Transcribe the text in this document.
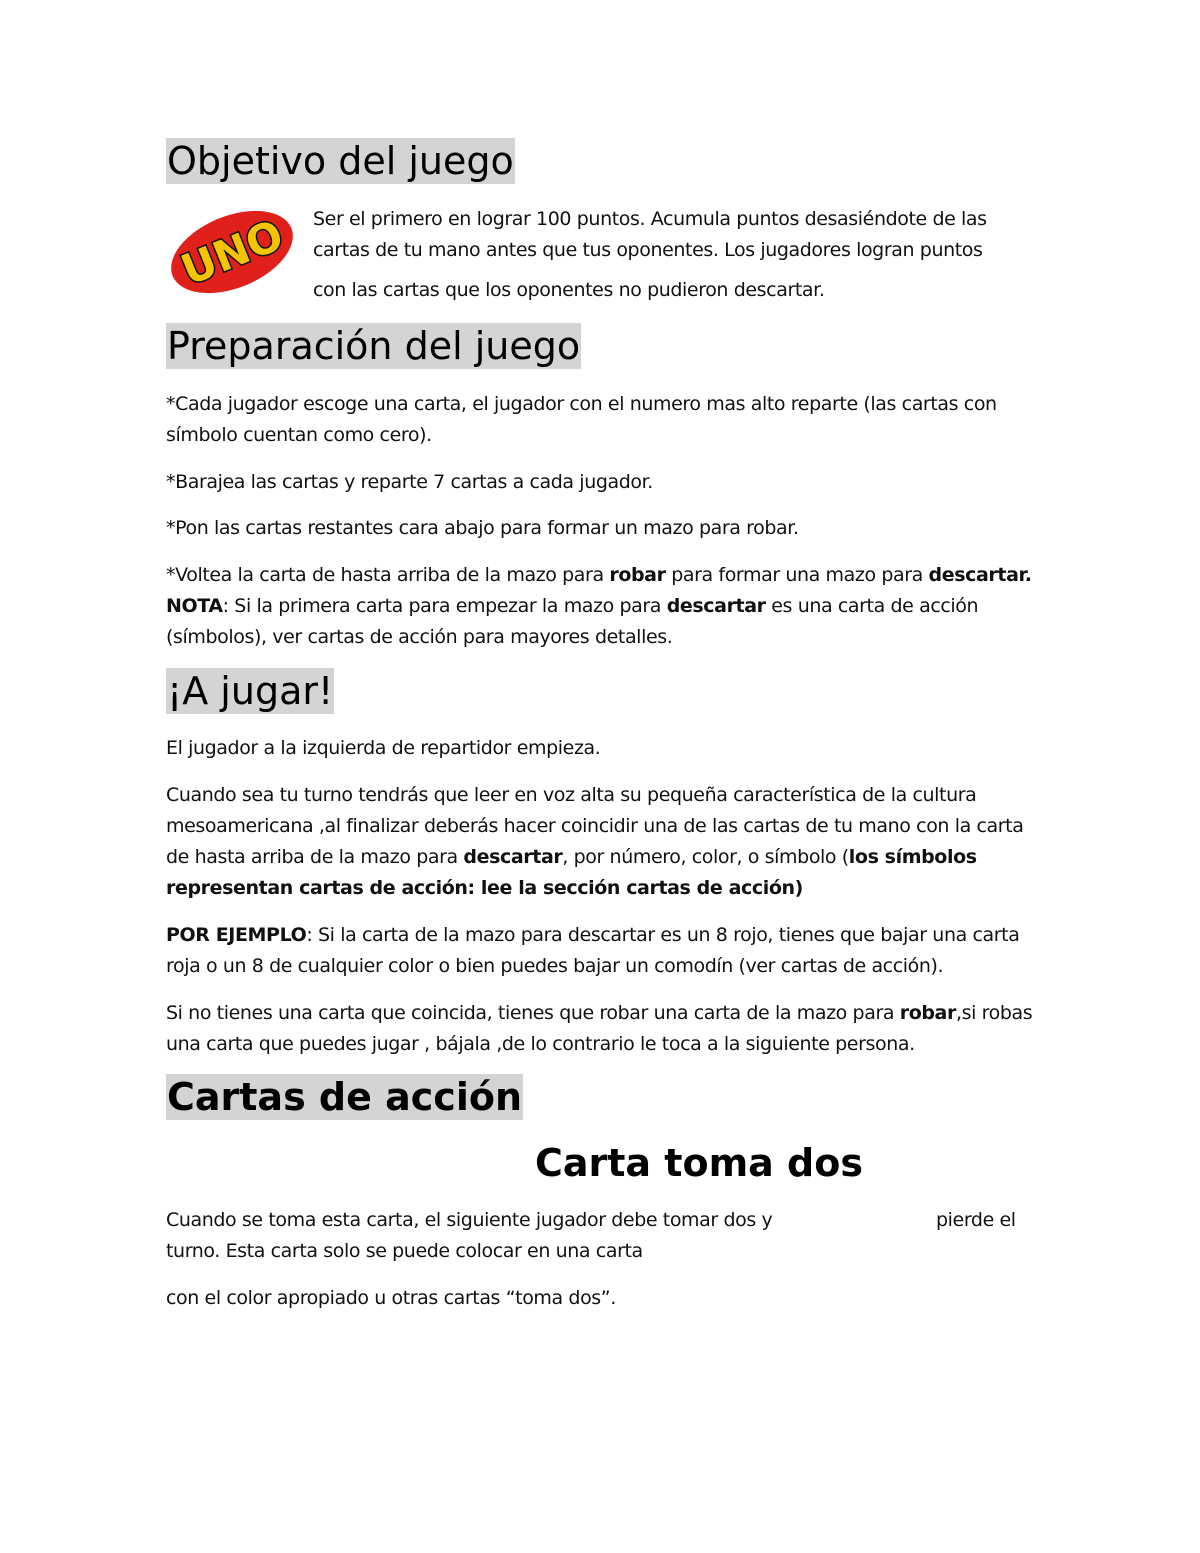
Objetivo del juego
UNO Ser el primero en lograr 100 puntos. Acumula puntos desasiéndote de las

cartas de tu mano antes que tus oponentes. Los jugadores logran puntos

con las cartas que los oponentes no pudieron descartar.

Preparación del juego

*Cada jugador escoge una carta, el jugador con el numero mas alto reparte (las cartas con símbolo cuentan como cero).

*Barajea las cartas y reparte 7 cartas a cada jugador.

*Pon las cartas restantes cara abajo para formar un mazo para robar.

*Voltea la carta de hasta arriba de la mazo para robar para formar una mazo para descartar. NOTA: Si la primera carta para empezar la mazo para descartar es una carta de acción (símbolos), ver cartas de acción para mayores detalles.

¡A jugar!

El jugador a la izquierda de repartidor empieza.

Cuando sea tu turno tendrás que leer en voz alta su pequeña característica de la cultura mesoamericana ,al finalizar deberás hacer coincidir una de las cartas de tu mano con la carta de hasta arriba de la mazo para descartar, por número, color, o símbolo (los símbolos representan cartas de acción: lee la sección cartas de acción)

POR EJEMPLO: Si la carta de la mazo para descartar es un 8 rojo, tienes que bajar una carta roja o un 8 de cualquier color o bien puedes bajar un comodín (ver cartas de acción).

Si no tienes una carta que coincida, tienes que robar una carta de la mazo para robar,si robas una carta que puedes jugar , bájala ,de lo contrario le toca a la siguiente persona.

Cartas de acción
Carta toma dos

Cuando se toma esta carta, el siguiente jugador debe tomar dos y	pierde el

turno. Esta carta solo se puede colocar en una carta

con el color apropiado u otras cartas “toma dos”.
